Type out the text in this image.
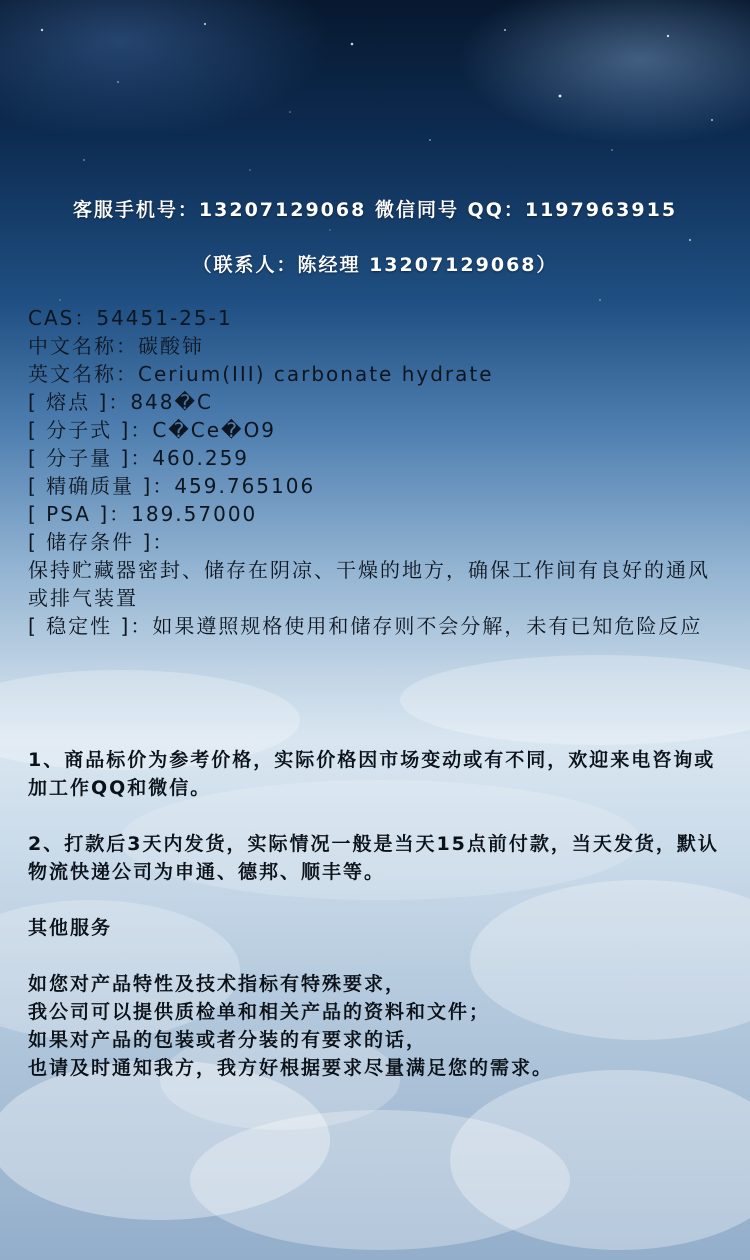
客服手机号：13207129068 微信同号 QQ：1197963915
（联系人：陈经理 13207129068）
CAS：54451-25-1
中文名称：碳酸铈
英文名称：Cerium(III) carbonate hydrate
[ 熔点 ]：848�C
[ 分子式 ]：C�Ce�O9
[ 分子量 ]：460.259
[ 精确质量 ]：459.765106
[ PSA ]：189.57000
[ 储存条件 ]：
保持贮藏器密封、储存在阴凉、干燥的地方，确保工作间有良好的通风或排气装置
[ 稳定性 ]：如果遵照规格使用和储存则不会分解，未有已知危险反应

1、商品标价为参考价格，实际价格因市场变动或有不同，欢迎来电咨询或加工作QQ和微信。

2、打款后3天内发货，实际情况一般是当天15点前付款，当天发货，默认物流快递公司为申通、德邦、顺丰等。

其他服务

如您对产品特性及技术指标有特殊要求，

我公司可以提供质检单和相关产品的资料和文件；

如果对产品的包装或者分装的有要求的话，

也请及时通知我方，我方好根据要求尽量满足您的需求。
